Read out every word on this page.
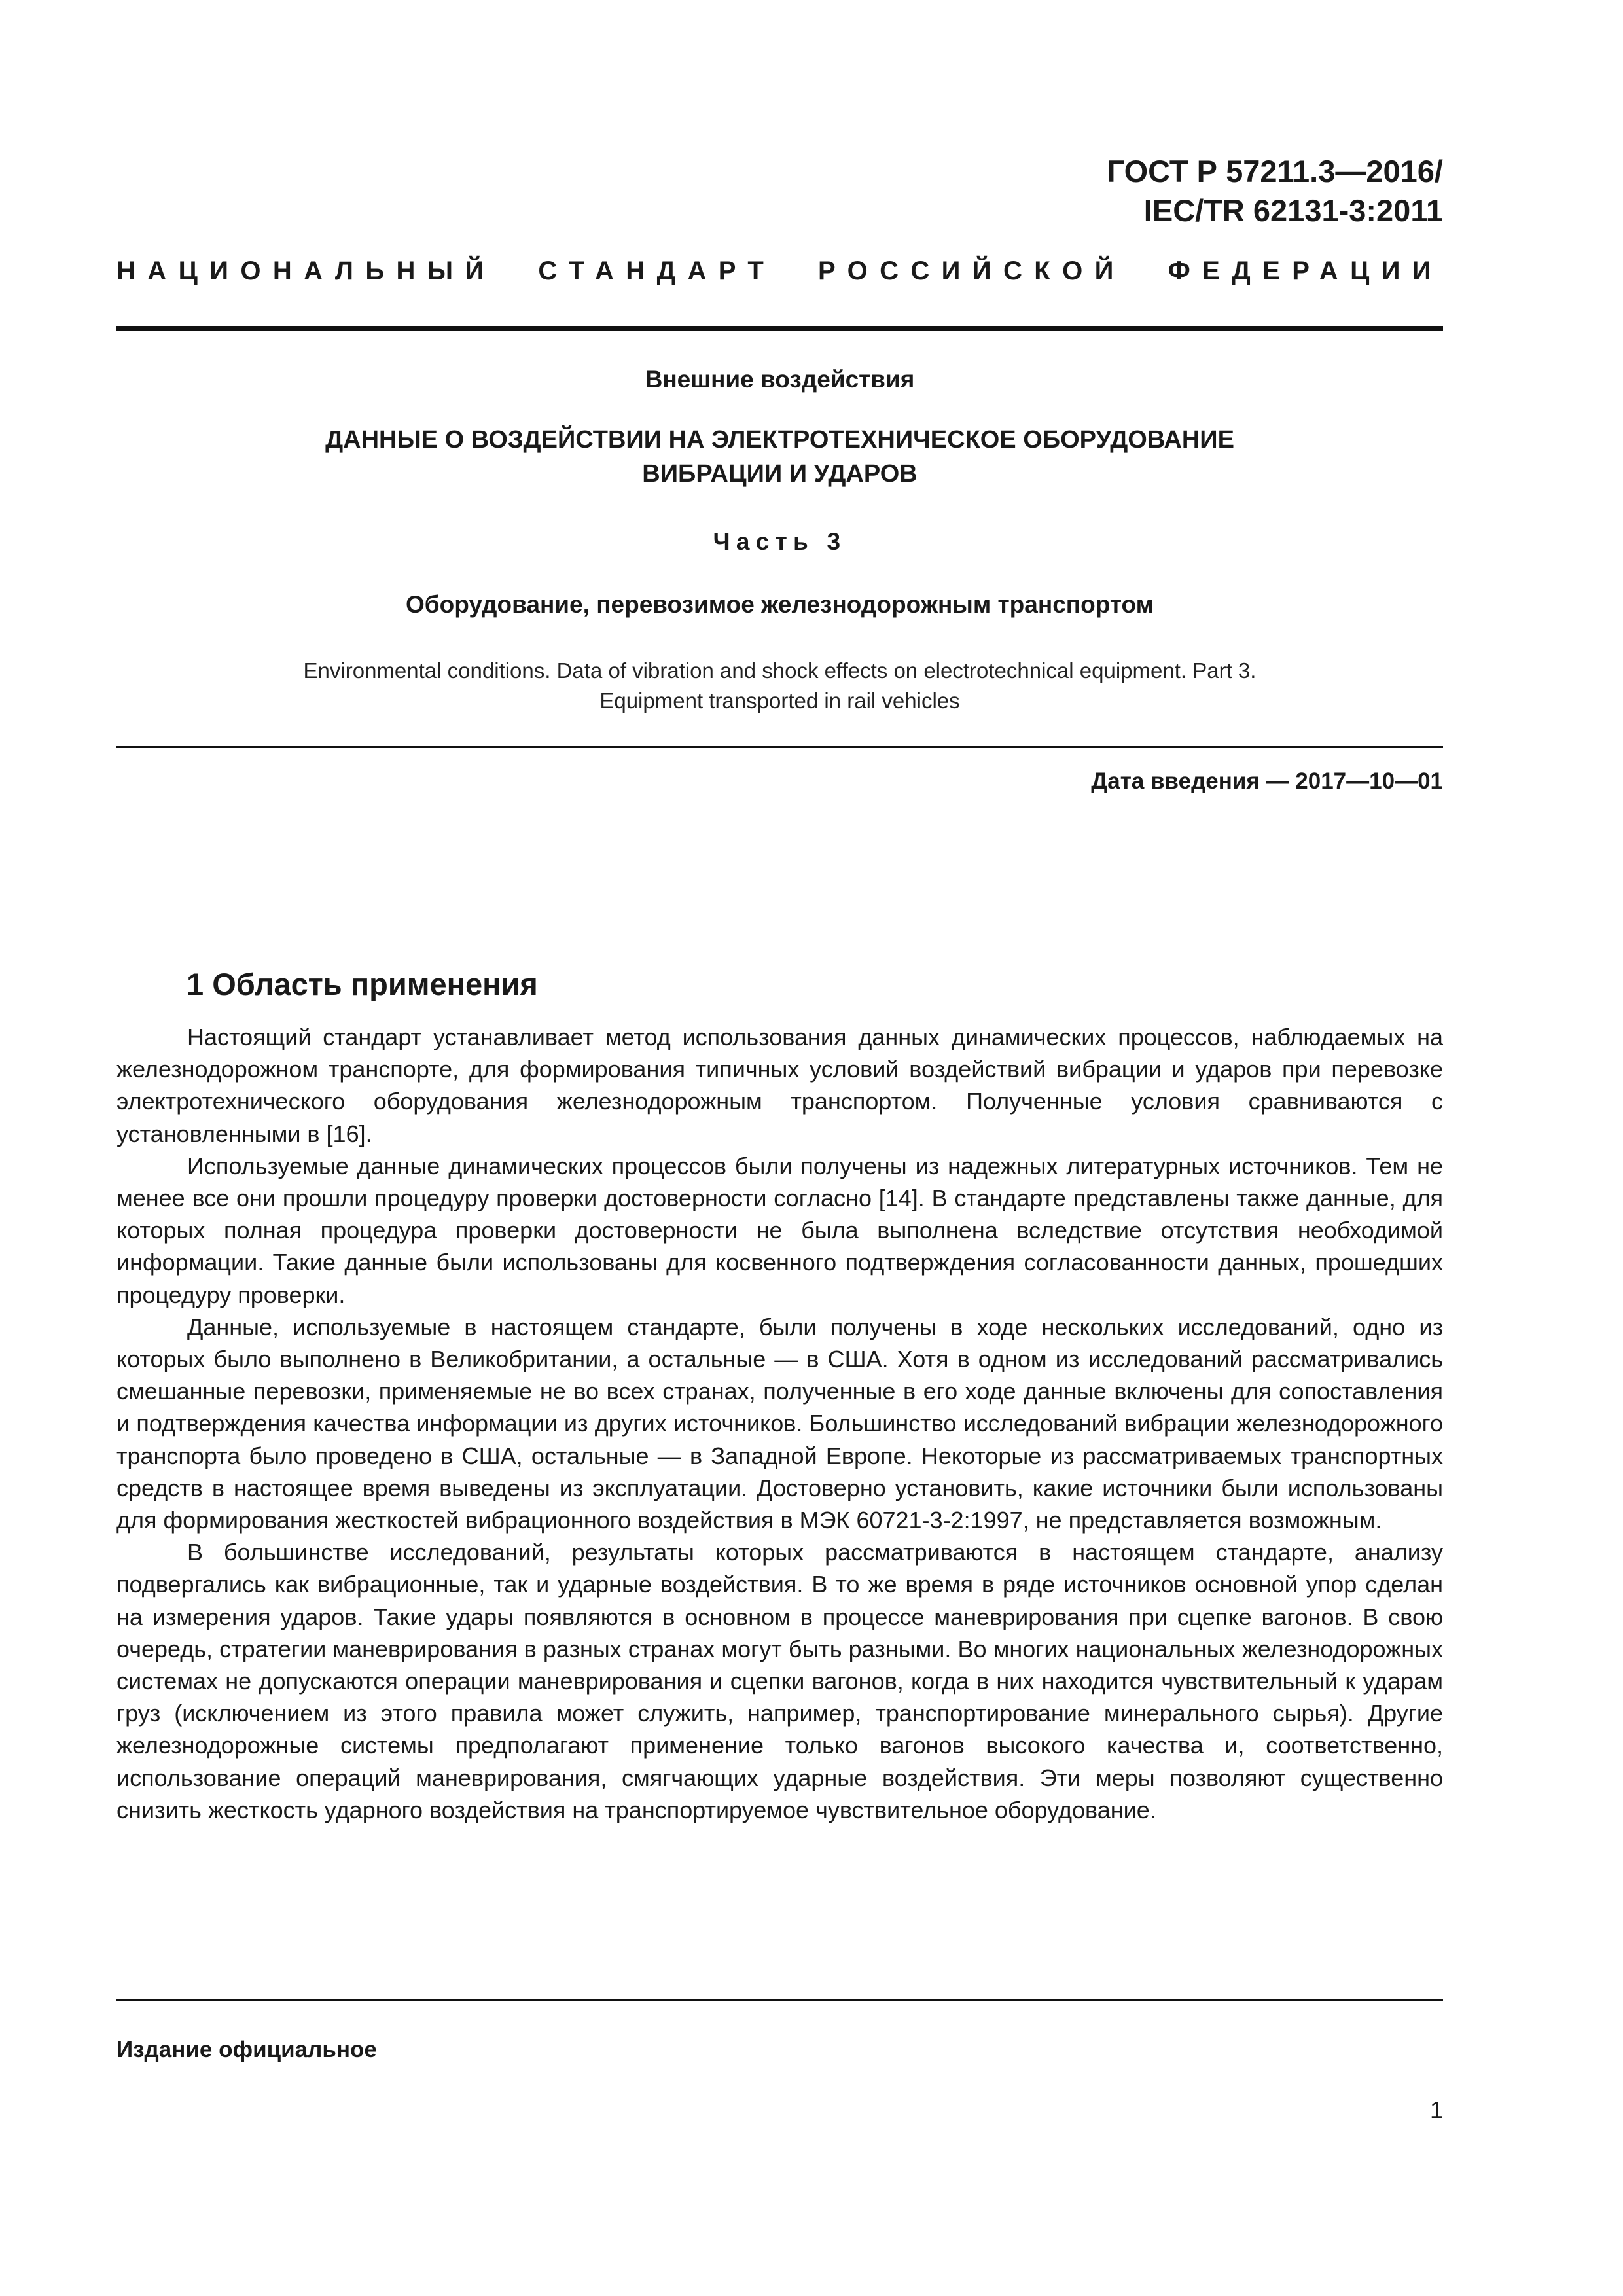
ГОСТ Р 57211.3—2016/
IEC/TR 62131-3:2011
НАЦИОНАЛЬНЫЙ СТАНДАРТ РОССИЙСКОЙ ФЕДЕРАЦИИ
Внешние воздействия
ДАННЫЕ О ВОЗДЕЙСТВИИ НА ЭЛЕКТРОТЕХНИЧЕСКОЕ ОБОРУДОВАНИЕ
ВИБРАЦИИ И УДАРОВ
Часть 3
Оборудование, перевозимое железнодорожным транспортом
Environmental conditions. Data of vibration and shock effects on electrotechnical equipment. Part 3.
Equipment transported in rail vehicles
Дата введения — 2017—10—01
1 Область применения

Настоящий стандарт устанавливает метод использования данных динамических процессов, наблюдаемых на железнодорожном транспорте, для формирования типичных условий воздействий вибрации и ударов при перевозке электротехнического оборудования железнодорожным транспортом. Полученные условия сравниваются с установленными в [16].

Используемые данные динамических процессов были получены из надежных литературных источников. Тем не менее все они прошли процедуру проверки достоверности согласно [14]. В стандарте представлены также данные, для которых полная процедура проверки достоверности не была выполнена вследствие отсутствия необходимой информации. Такие данные были использованы для косвенного подтверждения согласованности данных, прошедших процедуру проверки.

Данные, используемые в настоящем стандарте, были получены в ходе нескольких исследований, одно из которых было выполнено в Великобритании, а остальные — в США. Хотя в одном из исследований рассматривались смешанные перевозки, применяемые не во всех странах, полученные в его ходе данные включены для сопоставления и подтверждения качества информации из других источников. Большинство исследований вибрации железнодорожного транспорта было проведено в США, остальные — в Западной Европе. Некоторые из рассматриваемых транспортных средств в настоящее время выведены из эксплуатации. Достоверно установить, какие источники были использованы для формирования жесткостей вибрационного воздействия в МЭК 60721-3-2:1997, не представляется возможным.

В большинстве исследований, результаты которых рассматриваются в настоящем стандарте, анализу подвергались как вибрационные, так и ударные воздействия. В то же время в ряде источников основной упор сделан на измерения ударов. Такие удары появляются в основном в процессе маневрирования при сцепке вагонов. В свою очередь, стратегии маневрирования в разных странах могут быть разными. Во многих национальных железнодорожных системах не допускаются операции маневрирования и сцепки вагонов, когда в них находится чувствительный к ударам груз (исключением из этого правила может служить, например, транспортирование минерального сырья). Другие железнодорожные системы предполагают применение только вагонов высокого качества и, соответственно, использование операций маневрирования, смягчающих ударные воздействия. Эти меры позволяют существенно снизить жесткость ударного воздействия на транспортируемое чувствительное оборудование.

Издание официальное
1
